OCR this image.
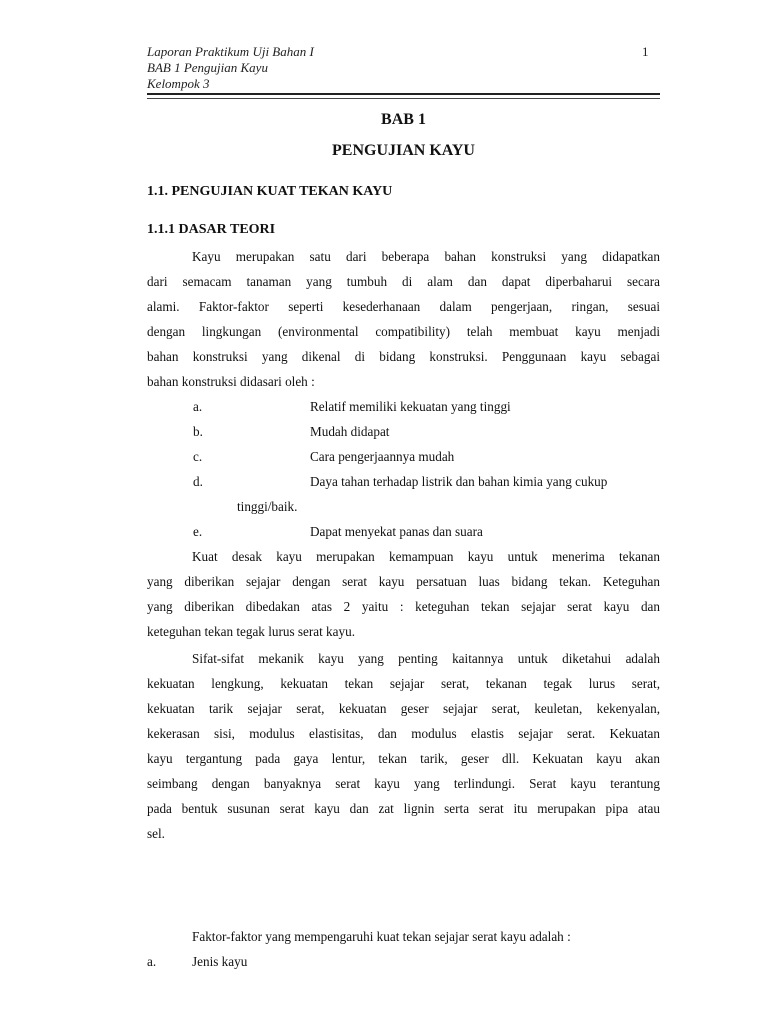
Laporan Praktikum Uji Bahan I
BAB 1 Pengujian Kayu
Kelompok 3
1
BAB 1
PENGUJIAN KAYU
1.1. PENGUJIAN KUAT TEKAN KAYU
1.1.1 DASAR TEORI
Kayu merupakan satu dari beberapa bahan konstruksi yang didapatkan
dari semacam tanaman yang tumbuh di alam dan dapat diperbaharui secara
alami. Faktor-faktor seperti kesederhanaan dalam pengerjaan, ringan, sesuai
dengan lingkungan (environmental compatibility) telah membuat kayu menjadi
bahan konstruksi yang dikenal di bidang konstruksi. Penggunaan kayu sebagai
bahan konstruksi didasari oleh :
a.	Relatif memiliki kekuatan yang tinggi
b.	Mudah didapat
c.	Cara pengerjaannya mudah
d.	Daya tahan terhadap listrik dan bahan kimia yang cukup
tinggi/baik.
e.	Dapat menyekat panas dan suara
Kuat desak kayu merupakan kemampuan kayu untuk menerima tekanan
yang diberikan sejajar dengan serat kayu persatuan luas bidang tekan. Keteguhan
yang diberikan dibedakan atas 2 yaitu : keteguhan tekan sejajar serat kayu dan
keteguhan tekan tegak lurus serat kayu.
Sifat-sifat mekanik kayu yang penting kaitannya untuk diketahui adalah
kekuatan lengkung, kekuatan tekan sejajar serat, tekanan tegak lurus serat,
kekuatan tarik sejajar serat, kekuatan geser sejajar serat, keuletan, kekenyalan,
kekerasan sisi, modulus elastisitas, dan modulus elastis sejajar serat. Kekuatan
kayu tergantung pada gaya lentur, tekan tarik, geser dll. Kekuatan kayu akan
seimbang dengan banyaknya serat kayu yang terlindungi. Serat kayu terantung
pada bentuk susunan serat kayu dan zat lignin serta serat itu merupakan pipa atau
sel.
Faktor-faktor yang mempengaruhi kuat tekan sejajar serat kayu adalah :
a.	Jenis kayu
